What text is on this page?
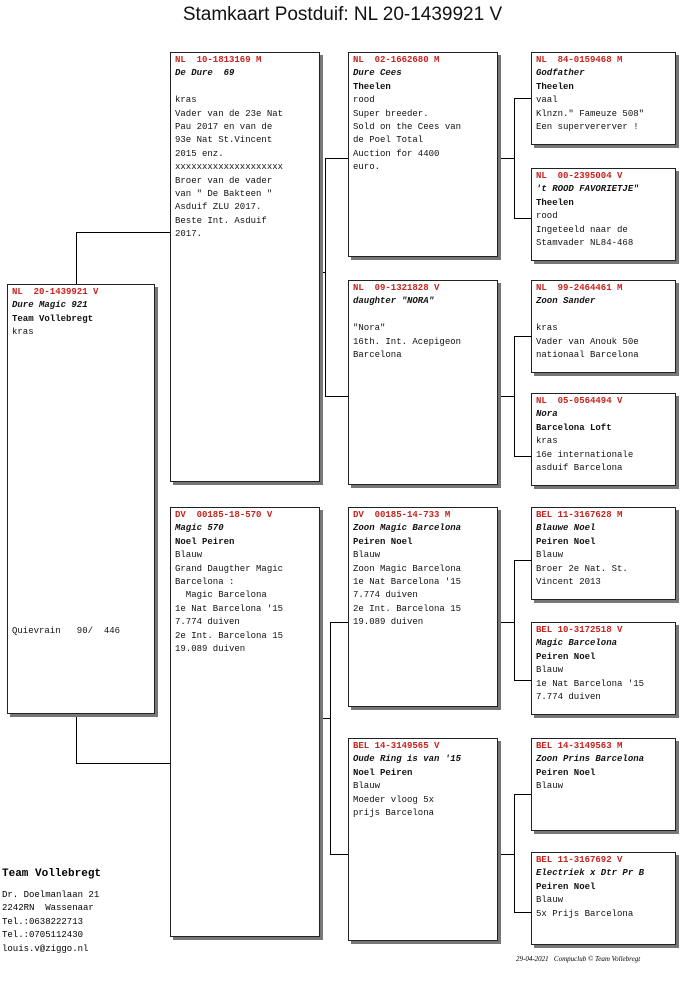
Stamkaart Postduif: NL 20-1439921 V
NL  20-1439921 V
Dure Magic 921
Team Vollebregt
kras
Quievrain   90/  446
NL  10-1813169 M
De Dure  69
kras
Vader van de 23e Nat
Pau 2017 en van de
93e Nat St.Vincent
2015 enz.
xxxxxxxxxxxxxxxxxxxx
Broer van de vader
van " De Bakteen "
Asduif ZLU 2017.
Beste Int. Asduif
2017.
DV  00185-18-570 V
Magic 570
Noel Peiren
Blauw
Grand Daugther Magic
Barcelona :
Magic Barcelona
1e Nat Barcelona '15
7.774 duiven
2e Int. Barcelona 15
19.089 duiven
NL  02-1662680 M
Dure Cees
Theelen
rood
Super breeder.
Sold on the Cees van
de Poel Total
Auction for 4400
euro.
NL  09-1321828 V
daughter "NORA"
"Nora"
16th. Int. Acepigeon
Barcelona
DV  00185-14-733 M
Zoon Magic Barcelona
Peiren Noel
Blauw
Zoon Magic Barcelona
1e Nat Barcelona '15
7.774 duiven
2e Int. Barcelona 15
19.089 duiven
BEL 14-3149565 V
Oude Ring is van '15
Noel Peiren
Blauw
Moeder vloog 5x
prijs Barcelona
NL  84-0159468 M
Godfather
Theelen
vaal
Klnzn." Fameuze 508"
Een supervererver !
NL  00-2395004 V
't ROOD FAVORIETJE"
Theelen
rood
Ingeteeld naar de
Stamvader NL84-468
NL  99-2464461 M
Zoon Sander
kras
Vader van Anouk 50e
nationaal Barcelona
NL  05-0564494 V
Nora
Barcelona Loft
kras
16e internationale
asduif Barcelona
BEL 11-3167628 M
Blauwe Noel
Peiren Noel
Blauw
Broer 2e Nat. St.
Vincent 2013
BEL 10-3172518 V
Magic Barcelona
Peiren Noel
Blauw
1e Nat Barcelona '15
7.774 duiven
BEL 14-3149563 M
Zoon Prins Barcelona
Peiren Noel
Blauw
BEL 11-3167692 V
Electriek x Dtr Pr B
Peiren Noel
Blauw
5x Prijs Barcelona
Team Vollebregt
Dr. Doelmanlaan 21
2242RN  Wassenaar
Tel.:0638222713
Tel.:0705112430
louis.v@ziggo.nl
29-04-2021   Compuclub © Team Vollebregt
